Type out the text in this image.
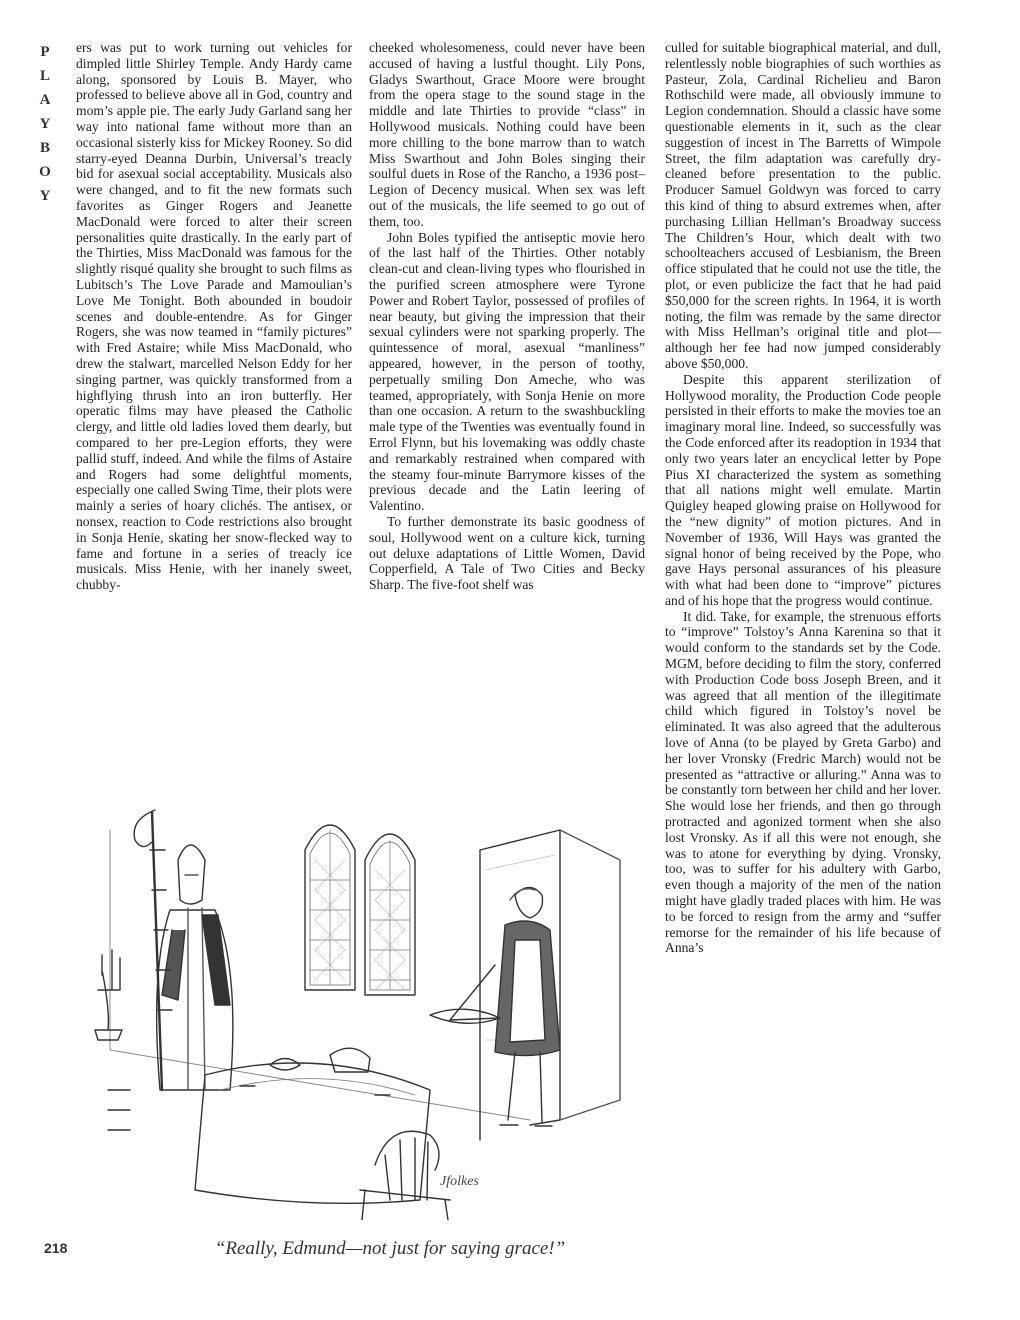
P
L
A
Y
B
O
Y

ers was put to work turning out vehicles for dimpled little Shirley Temple. Andy Hardy came along, sponsored by Louis B. Mayer, who professed to believe above all in God, country and mom’s apple pie. The early Judy Garland sang her way into national fame without more than an occasional sisterly kiss for Mickey Rooney. So did starry-eyed Deanna Durbin, Universal’s treacly bid for asexual social acceptability. Musicals also were changed, and to fit the new formats such favorites as Ginger Rogers and Jeanette MacDonald were forced to alter their screen personalities quite drastically. In the early part of the Thirties, Miss MacDonald was famous for the slightly risqué quality she brought to such films as Lubitsch’s The Love Parade and Mamoulian’s Love Me Tonight. Both abounded in boudoir scenes and double-entendre. As for Ginger Rogers, she was now teamed in “family pictures” with Fred Astaire; while Miss MacDonald, who drew the stalwart, marcelled Nelson Eddy for her singing partner, was quickly transformed from a highflying thrush into an iron butterfly. Her operatic films may have pleased the Catholic clergy, and little old ladies loved them dearly, but compared to her pre-Legion efforts, they were pallid stuff, indeed. And while the films of Astaire and Rogers had some delightful moments, especially one called Swing Time, their plots were mainly a series of hoary clichés. The antisex, or nonsex, reaction to Code restrictions also brought in Sonja Henie, skating her snow-flecked way to fame and fortune in a series of treacly ice musicals. Miss Henie, with her inanely sweet, chubby-

cheeked wholesomeness, could never have been accused of having a lustful thought. Lily Pons, Gladys Swarthout, Grace Moore were brought from the opera stage to the sound stage in the middle and late Thirties to provide “class” in Hollywood musicals. Nothing could have been more chilling to the bone marrow than to watch Miss Swarthout and John Boles singing their soulful duets in Rose of the Rancho, a 1936 post–Legion of Decency musical. When sex was left out of the musicals, the life seemed to go out of them, too.

John Boles typified the antiseptic movie hero of the last half of the Thirties. Other notably clean-cut and clean-living types who flourished in the purified screen atmosphere were Tyrone Power and Robert Taylor, possessed of profiles of near beauty, but giving the impression that their sexual cylinders were not sparking properly. The quintessence of moral, asexual “manliness” appeared, however, in the person of toothy, perpetually smiling Don Ameche, who was teamed, appropriately, with Sonja Henie on more than one occasion. A return to the swashbuckling male type of the Twenties was eventually found in Errol Flynn, but his lovemaking was oddly chaste and remarkably restrained when compared with the steamy four-minute Barrymore kisses of the previous decade and the Latin leering of Valentino.

To further demonstrate its basic goodness of soul, Hollywood went on a culture kick, turning out deluxe adaptations of Little Women, David Copperfield, A Tale of Two Cities and Becky Sharp. The five-foot shelf was

culled for suitable biographical material, and dull, relentlessly noble biographies of such worthies as Pasteur, Zola, Cardinal Richelieu and Baron Rothschild were made, all obviously immune to Legion condemnation. Should a classic have some questionable elements in it, such as the clear suggestion of incest in The Barretts of Wimpole Street, the film adaptation was carefully dry-cleaned before presentation to the public. Producer Samuel Goldwyn was forced to carry this kind of thing to absurd extremes when, after purchasing Lillian Hellman’s Broadway success The Children’s Hour, which dealt with two schoolteachers accused of Lesbianism, the Breen office stipulated that he could not use the title, the plot, or even publicize the fact that he had paid $50,000 for the screen rights. In 1964, it is worth noting, the film was remade by the same director with Miss Hellman’s original title and plot—although her fee had now jumped considerably above $50,000.

Despite this apparent sterilization of Hollywood morality, the Production Code people persisted in their efforts to make the movies toe an imaginary moral line. Indeed, so successfully was the Code enforced after its readoption in 1934 that only two years later an encyclical letter by Pope Pius XI characterized the system as something that all nations might well emulate. Martin Quigley heaped glowing praise on Hollywood for the “new dignity” of motion pictures. And in November of 1936, Will Hays was granted the signal honor of being received by the Pope, who gave Hays personal assurances of his pleasure with what had been done to “improve” pictures and of his hope that the progress would continue.

It did. Take, for example, the strenuous efforts to “improve” Tolstoy’s Anna Karenina so that it would conform to the standards set by the Code. MGM, before deciding to film the story, conferred with Production Code boss Joseph Breen, and it was agreed that all mention of the illegitimate child which figured in Tolstoy’s novel be eliminated. It was also agreed that the adulterous love of Anna (to be played by Greta Garbo) and her lover Vronsky (Fredric March) would not be presented as “attractive or alluring.” Anna was to be constantly torn between her child and her lover. She would lose her friends, and then go through protracted and agonized torment when she also lost Vronsky. As if all this were not enough, she was to atone for everything by dying. Vronsky, too, was to suffer for his adultery with Garbo, even though a majority of the men of the nation might have gladly traded places with him. He was to be forced to resign from the army and “suffer remorse for the remainder of his life because of Anna’s

Jfolkes
218	“Really, Edmund—not just for saying grace!”
